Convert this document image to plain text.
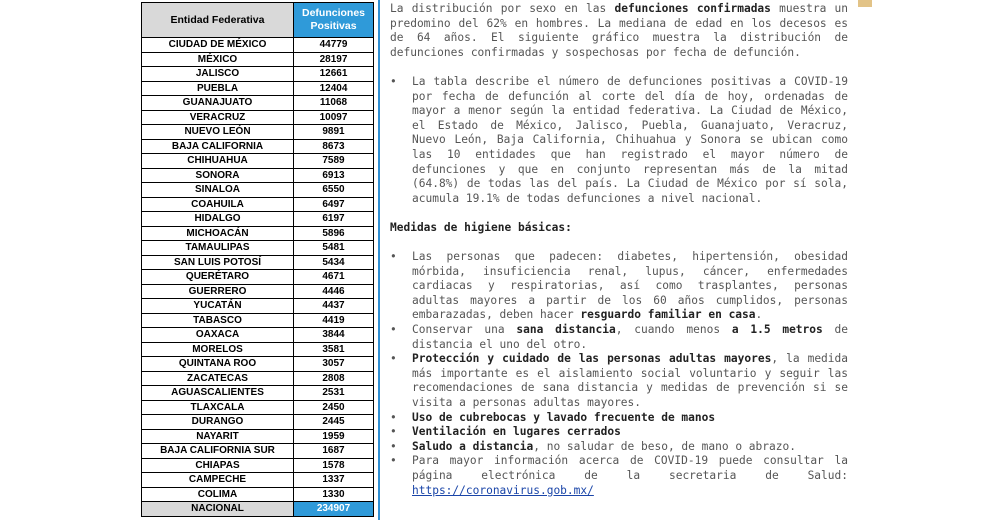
Entidad Federativa	Defunciones Positivas
CIUDAD DE MÉXICO	44779
MÉXICO	28197
JALISCO	12661
PUEBLA	12404
GUANAJUATO	11068
VERACRUZ	10097
NUEVO LEÓN	9891
BAJA CALIFORNIA	8673
CHIHUAHUA	7589
SONORA	6913
SINALOA	6550
COAHUILA	6497
HIDALGO	6197
MICHOACÁN	5896
TAMAULIPAS	5481
SAN LUIS POTOSÍ	5434
QUERÉTARO	4671
GUERRERO	4446
YUCATÁN	4437
TABASCO	4419
OAXACA	3844
MORELOS	3581
QUINTANA ROO	3057
ZACATECAS	2808
AGUASCALIENTES	2531
TLAXCALA	2450
DURANGO	2445
NAYARIT	1959
BAJA CALIFORNIA SUR	1687
CHIAPAS	1578
CAMPECHE	1337
COLIMA	1330
NACIONAL	234907

La distribución por sexo en las defunciones confirmadas muestra un predomino del 62% en hombres. La mediana de edad en los decesos es de 64 años. El siguiente gráfico muestra la distribución de defunciones confirmadas y sospechosas por fecha de defunción.

•	La tabla describe el número de defunciones positivas a COVID-19 por fecha de defunción al corte del día de hoy, ordenadas de mayor a menor según la entidad federativa. La Ciudad de México, el Estado de México, Jalisco, Puebla, Guanajuato, Veracruz, Nuevo León, Baja California, Chihuahua y Sonora se ubican como las 10 entidades que han registrado el mayor número de defunciones y que en conjunto representan más de la mitad (64.8%) de todas las del país. La Ciudad de México por sí sola, acumula 19.1% de todas defunciones a nivel nacional.

Medidas de higiene básicas:

•	Las personas que padecen: diabetes, hipertensión, obesidad mórbida, insuficiencia renal, lupus, cáncer, enfermedades cardiacas y respiratorias, así como trasplantes, personas adultas mayores a partir de los 60 años cumplidos, personas embarazadas, deben hacer resguardo familiar en casa.
•	Conservar una sana distancia, cuando menos a 1.5 metros de distancia el uno del otro.
•	Protección y cuidado de las personas adultas mayores, la medida más importante es el aislamiento social voluntario y seguir las recomendaciones de sana distancia y medidas de prevención si se visita a personas adultas mayores.
•	Uso de cubrebocas y lavado frecuente de manos
•	Ventilación en lugares cerrados
•	Saludo a distancia, no saludar de beso, de mano o abrazo.
•	Para mayor información acerca de COVID-19 puede consultar la página electrónica de la secretaria de Salud: https://coronavirus.gob.mx/
